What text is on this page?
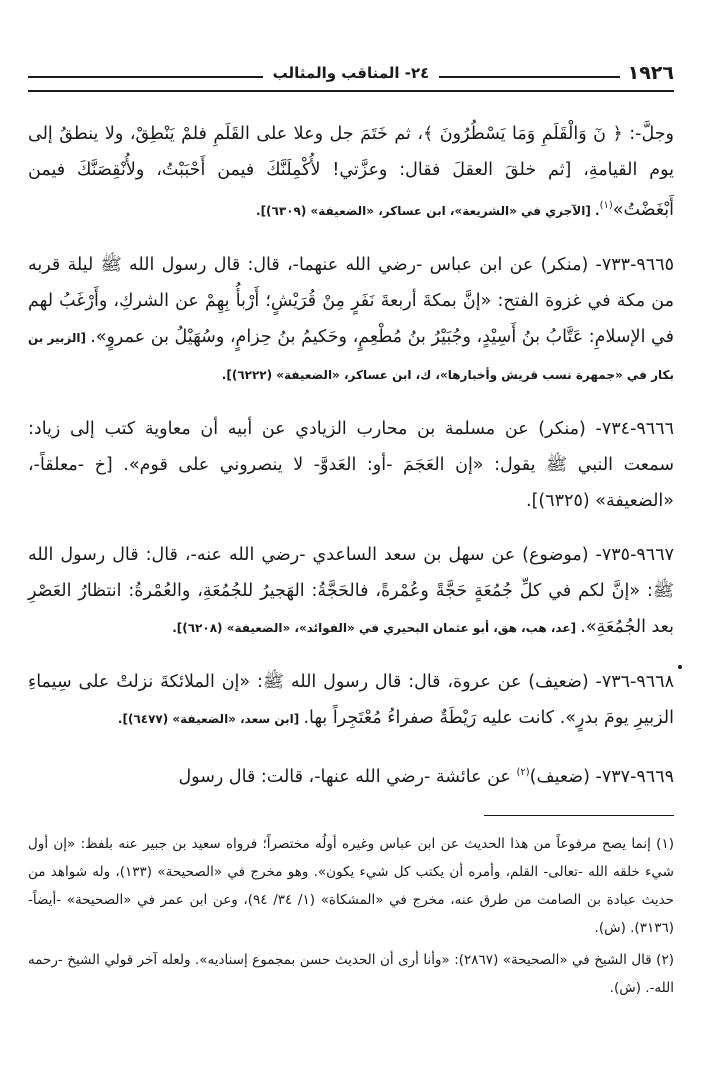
١٩٢٦
٢٤- المناقب والمثالب

وجلَّ-: ﴿ نٓ وَالْقَلَمِ وَمَا يَسْطُرُونَ ﴾، ثم خَتَمَ جل وعلا على القَلَمِ فلمْ يَنْطِقْ، ولا ينطقُ إلى يوم القيامةِ، [ثم خلقَ العقلَ فقال: وعزَّتي! لأُكْمِلَنَّكَ فيمن أَحْبَبْتُ، ولأُنْقِصَنَّكَ فيمن أَبْغَضْتُ»$^{(١)}$. [الآجري في «الشريعة»، ابن عساكر، «الضعيفة» (٦٣٠٩)].

٩٦٦٥-٧٣٣- (منكر) عن ابن عباس -رضي الله عنهما-، قال: قال رسول الله ﷺ ليلة قربه من مكة في غزوة الفتح: «إنَّ بمكةَ أربعةَ نَفَرٍ مِنْ قُرَيْشٍ؛ أَرْبأُ بِهِمْ عن الشركِ، وأَرْغَبُ لهم في الإسلامِ: عَتَّابُ بنُ أَسِيْدٍ، وجُبَيْرُ بنُ مُطْعِمٍ، وحَكيمُ بنُ حِزامٍ، وسُهَيْلُ بن عمروٍ». [الزبير بن بكار في «جمهرة نسب قريش وأخبارها»، ك، ابن عساكر، «الضعيفة» (٦٢٢٢)].

٩٦٦٦-٧٣٤- (منكر) عن مسلمة بن محارب الزيادي عن أبيه أن معاوية كتب إلى زياد: سمعت النبي ﷺ يقول: «إن العَجَمَ -أو: العَدوَّ- لا ينصروني على قوم». [خ -معلقاً-، «الضعيفة» (٦٣٢٥)].

٩٦٦٧-٧٣٥- (موضوع) عن سهل بن سعد الساعدي -رضي الله عنه-، قال: قال رسول الله ﷺ: «إنَّ لكم في كلِّ جُمُعَةٍ حَجَّةً وعُمْرةً، فالحَجَّةُ: الهَجيرُ للجُمُعَةِ، والعُمْرةُ: انتظارُ العَصْرِ بعد الجُمُعَةِ». [عد، هب، هق، أبو عثمان البحيري في «الفوائد»، «الضعيفة» (٦٢٠٨)].

٩٦٦٨-٧٣٦- (ضعيف) عن عروة، قال: قال رسول الله ﷺ: «إن الملائكةَ نزلتْ على سِيماءِ الزبيرِ يومَ بدرٍ». كانت عليه رَيْطَةٌ صفراءُ مُعْتَجِراً بها. [ابن سعد، «الضعيفة» (٦٤٧٧)].

٩٦٦٩-٧٣٧- (ضعيف)$^{(٢)}$ عن عائشة -رضي الله عنها-، قالت: قال رسول

(١) إنما يصح مرفوعاً من هذا الحديث عن ابن عباس وغيره أولُه مختصراً؛ فرواه سعيد بن جبير عنه بلفظ: «إن أول شيء خلقه الله -تعالى- القلم، وأمره أن يكتب كل شيء يكون». وهو مخرج في «الصحيحة» (١٣٣)، وله شواهد من حديث عبادة بن الصامت من طرق عنه، مخرج في «المشكاة» (١/ ٣٤/ ٩٤)، وعن ابن عمر في «الصحيحة» -أيضاً- (٣١٣٦). (ش).

(٢) قال الشيخ في «الصحيحة» (٢٨٦٧): «وأنا أرى أن الحديث حسن بمجموع إسناديه». ولعله آخر قولي الشيخ -رحمه الله-. (ش).
